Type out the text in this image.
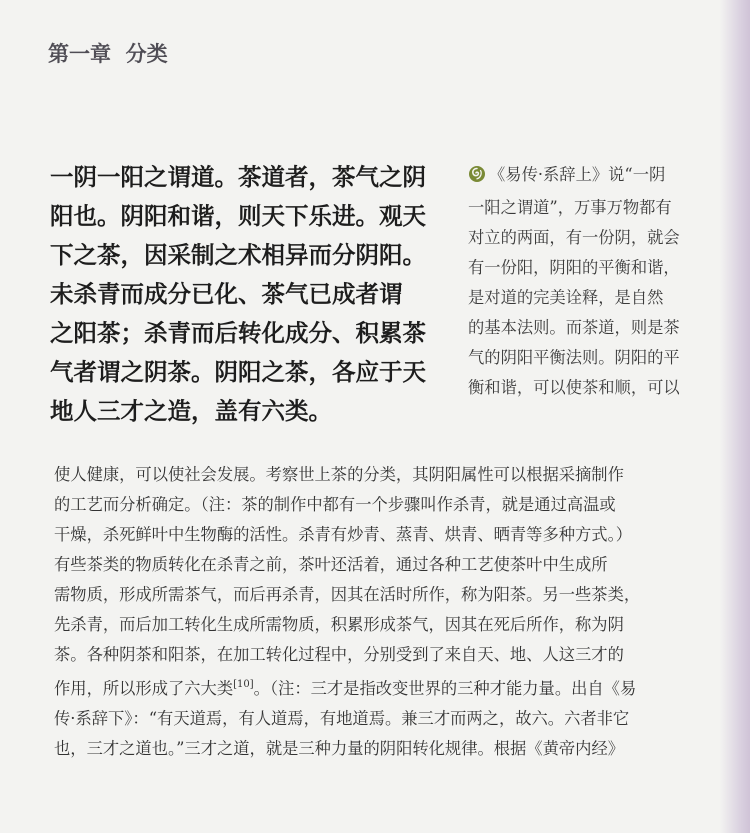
第一章  分类
一阴一阳之谓道。茶道者，茶气之阴
阳也。阴阳和谐，则天下乐进。观天
下之茶，因采制之术相异而分阴阳。
未杀青而成分已化、茶气已成者谓
之阳茶；杀青而后转化成分、积累茶
气者谓之阴茶。阴阳之茶，各应于天
地人三才之造，盖有六类。
《易传·系辞上》说“一阴
一阳之谓道”，万事万物都有
对立的两面，有一份阴，就会
有一份阳，阴阳的平衡和谐，
是对道的完美诠释，是自然
的基本法则。而茶道，则是茶
气的阴阳平衡法则。阴阳的平
衡和谐，可以使茶和顺，可以
使人健康，可以使社会发展。考察世上茶的分类，其阴阳属性可以根据采摘制作
的工艺而分析确定。（注：茶的制作中都有一个步骤叫作杀青，就是通过高温或
干燥，杀死鲜叶中生物酶的活性。杀青有炒青、蒸青、烘青、晒青等多种方式。）
有些茶类的物质转化在杀青之前，茶叶还活着，通过各种工艺使茶叶中生成所
需物质，形成所需茶气，而后再杀青，因其在活时所作，称为阳茶。另一些茶类，
先杀青，而后加工转化生成所需物质，积累形成茶气，因其在死后所作，称为阴
茶。各种阴茶和阳茶，在加工转化过程中，分别受到了来自天、地、人这三才的
作用，所以形成了六大类[10]。（注：三才是指改变世界的三种才能力量。出自《易
传·系辞下》：“有天道焉，有人道焉，有地道焉。兼三才而两之，故六。六者非它
也，三才之道也。”三才之道，就是三种力量的阴阳转化规律。根据《黄帝内经》
